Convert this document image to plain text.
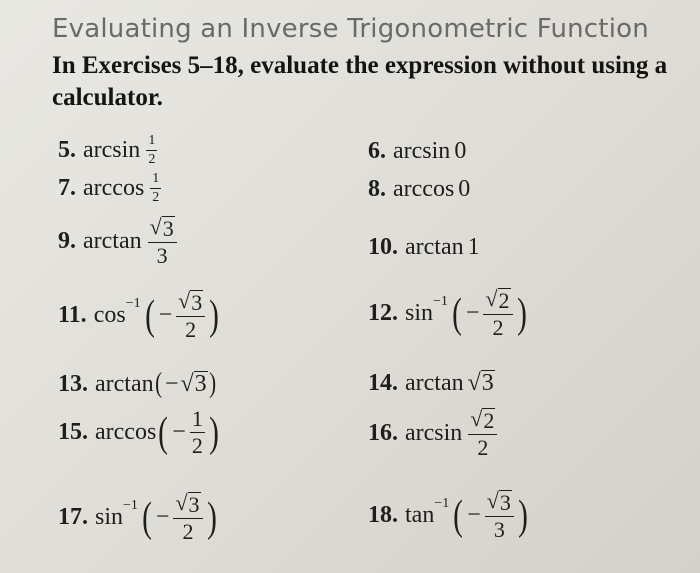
Evaluating an Inverse Trigonometric Function
In Exercises 5–18, evaluate the expression without using a calculator.
5. $\arcsin \frac{1}{2}$	6. arcsin 0
7. $\arccos \frac{1}{2}$	8. arccos 0
9. $\arctan \frac{√ 3}{3}$	10. arctan 1
11. cos −1 ( − $\frac{√ 3}{2}$ )	12. sin −1 ( − $\frac{√ 2}{2}$ )
13. arctan ( − √ 3 )	14. arctan √ 3
15. arccos ( − $\frac{1}{2}$ )	16. $\arcsin \frac{√ 2}{2}$
17. sin −1 ( − $\frac{√ 3}{2}$ )	18. tan −1 ( − $\frac{√ 3}{3}$ )
